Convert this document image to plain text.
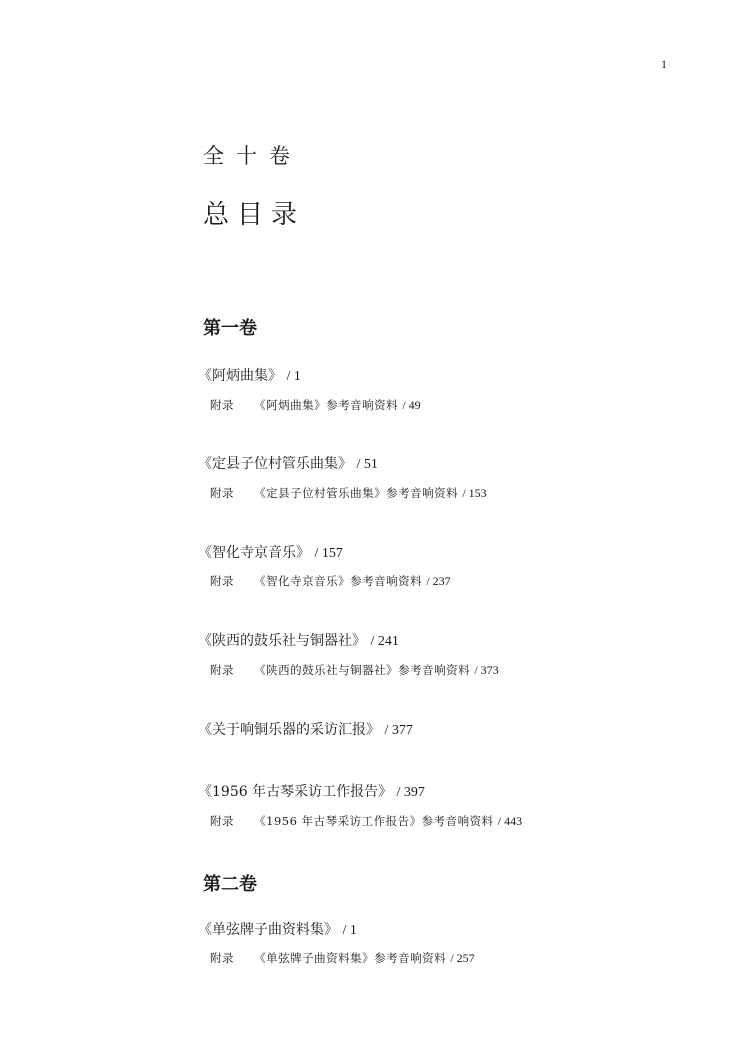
1
全十卷
总目录
第一卷
《阿炳曲集》 / 1
附录 《阿炳曲集》参考音响资料 / 49
《定县子位村管乐曲集》 / 51
附录 《定县子位村管乐曲集》参考音响资料 / 153
《智化寺京音乐》 / 157
附录 《智化寺京音乐》参考音响资料 / 237
《陕西的鼓乐社与铜器社》 / 241
附录 《陕西的鼓乐社与铜器社》参考音响资料 / 373
《关于响铜乐器的采访汇报》 / 377
《1956 年古琴采访工作报告》 / 397
附录 《1956 年古琴采访工作报告》参考音响资料 / 443
第二卷
《单弦牌子曲资料集》 / 1
附录 《单弦牌子曲资料集》参考音响资料 / 257
